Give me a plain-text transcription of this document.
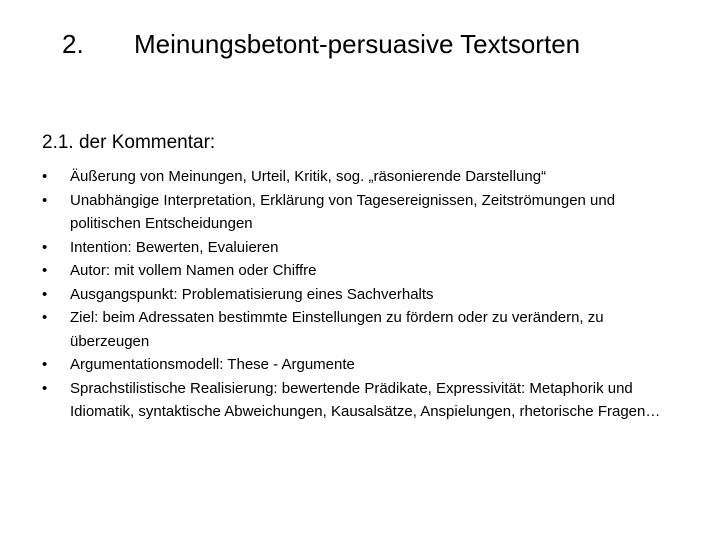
2. Meinungsbetont-persuasive Textsorten
2.1. der Kommentar:
•	Äußerung von Meinungen, Urteil, Kritik, sog. „räsonierende Darstellung“
•	Unabhängige Interpretation, Erklärung von Tagesereignissen, Zeitströmungen und politischen Entscheidungen
•	Intention: Bewerten, Evaluieren
•	Autor: mit vollem Namen oder Chiffre
•	Ausgangspunkt: Problematisierung eines Sachverhalts
•	Ziel: beim Adressaten bestimmte Einstellungen zu fördern oder zu verändern, zu überzeugen
•	Argumentationsmodell: These - Argumente
•	Sprachstilistische Realisierung: bewertende Prädikate, Expressivität: Metaphorik und Idiomatik, syntaktische Abweichungen, Kausalsätze, Anspielungen, rhetorische Fragen…
